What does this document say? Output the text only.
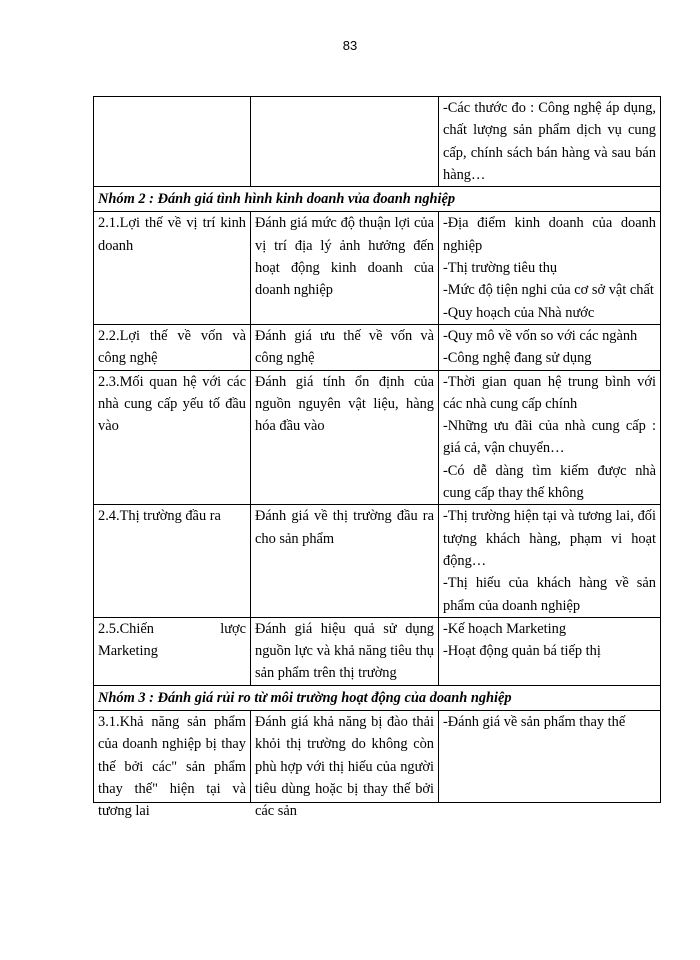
83

		-Các thước đo : Công nghệ áp dụng, chất lượng sản phẩm dịch vụ cung cấp, chính sách bán hàng và sau bán hàng…

Nhóm 2 : Đánh giá tình hình kinh doanh vủa đoanh nghiệp		

2.1.Lợi thế về vị trí kinh doanh	Đánh giá mức độ thuận lợi của vị trí địa lý ảnh hưởng đến hoạt động kinh doanh của doanh nghiệp	-Địa điểm kinh doanh của doanh nghiệp
-Thị trường tiêu thụ
-Mức độ tiện nghi của cơ sở vật chất
-Quy hoạch của Nhà nước

2.2.Lợi thế về vốn và công nghệ	Đánh giá ưu thế về vốn và công nghệ	-Quy mô về vốn so với các ngành
-Công nghệ đang sử dụng

2.3.Mối quan hệ với các nhà cung cấp yếu tố đầu vào	Đánh giá tính ổn định của nguồn nguyên vật liệu, hàng hóa đầu vào	-Thời gian quan hệ trung bình với các nhà cung cấp chính
-Những ưu đãi của nhà cung cấp : giá cả, vận chuyển…
-Có dễ dàng tìm kiếm được nhà cung cấp thay thế không

2.4.Thị trường đầu ra	Đánh giá về thị trường đầu ra cho sản phẩm	-Thị trường hiện tại và tương lai, đối tượng khách hàng, phạm vi hoạt động…
-Thị hiếu của khách hàng về sản phẩm của doanh nghiệp

2.5.Chiến lược Marketing	Đánh giá hiệu quả sử dụng nguồn lực và khả năng tiêu thụ sản phẩm trên thị trường	-Kế hoạch Marketing
-Hoạt động quản bá tiếp thị

Nhóm 3 : Đánh giá rủi ro từ môi trường hoạt động của doanh nghiệp		

3.1.Khả năng sản phẩm của doanh nghiệp bị thay thế bởi các" sản phẩm thay thế" hiện tại và tương lai	Đánh giá khả năng bị đào thải khỏi thị trường do không còn phù hợp với thị hiếu của người tiêu dùng hoặc bị thay thế bởi các sản	-Đánh giá về sản phẩm thay thế
